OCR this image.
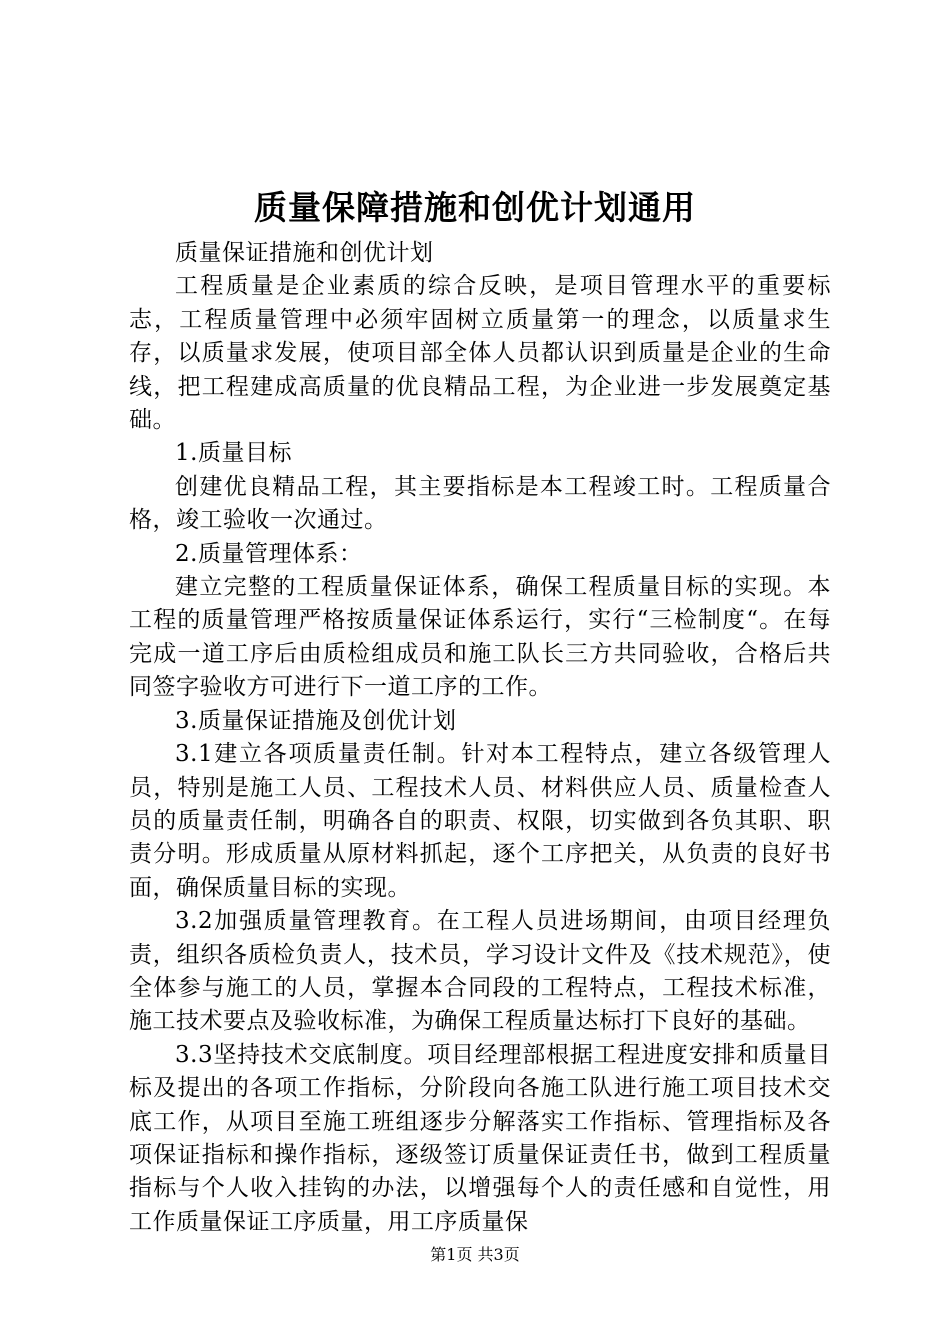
质量保障措施和创优计划通用

质量保证措施和创优计划

工程质量是企业素质的综合反映，是项目管理水平的重要标志，工程质量管理中必须牢固树立质量第一的理念，以质量求生存，以质量求发展，使项目部全体人员都认识到质量是企业的生命线，把工程建成高质量的优良精品工程，为企业进一步发展奠定基础。

1.质量目标

创建优良精品工程，其主要指标是本工程竣工时。工程质量合格，竣工验收一次通过。

2.质量管理体系：

建立完整的工程质量保证体系，确保工程质量目标的实现。本工程的质量管理严格按质量保证体系运行，实行“三检制度“。在每完成一道工序后由质检组成员和施工队长三方共同验收，合格后共同签字验收方可进行下一道工序的工作。

3.质量保证措施及创优计划

3.1建立各项质量责任制。针对本工程特点，建立各级管理人员，特别是施工人员、工程技术人员、材料供应人员、质量检查人员的质量责任制，明确各自的职责、权限，切实做到各负其职、职责分明。形成质量从原材料抓起，逐个工序把关，从负责的良好书面，确保质量目标的实现。

3.2加强质量管理教育。在工程人员进场期间，由项目经理负责，组织各质检负责人，技术员，学习设计文件及《技术规范》，使全体参与施工的人员，掌握本合同段的工程特点，工程技术标准，施工技术要点及验收标准，为确保工程质量达标打下良好的基础。

3.3坚持技术交底制度。项目经理部根据工程进度安排和质量目标及提出的各项工作指标，分阶段向各施工队进行施工项目技术交底工作，从项目至施工班组逐步分解落实工作指标、管理指标及各项保证指标和操作指标，逐级签订质量保证责任书，做到工程质量指标与个人收入挂钩的办法，以增强每个人的责任感和自觉性，用工作质量保证工序质量，用工序质量保

第1页 共3页
